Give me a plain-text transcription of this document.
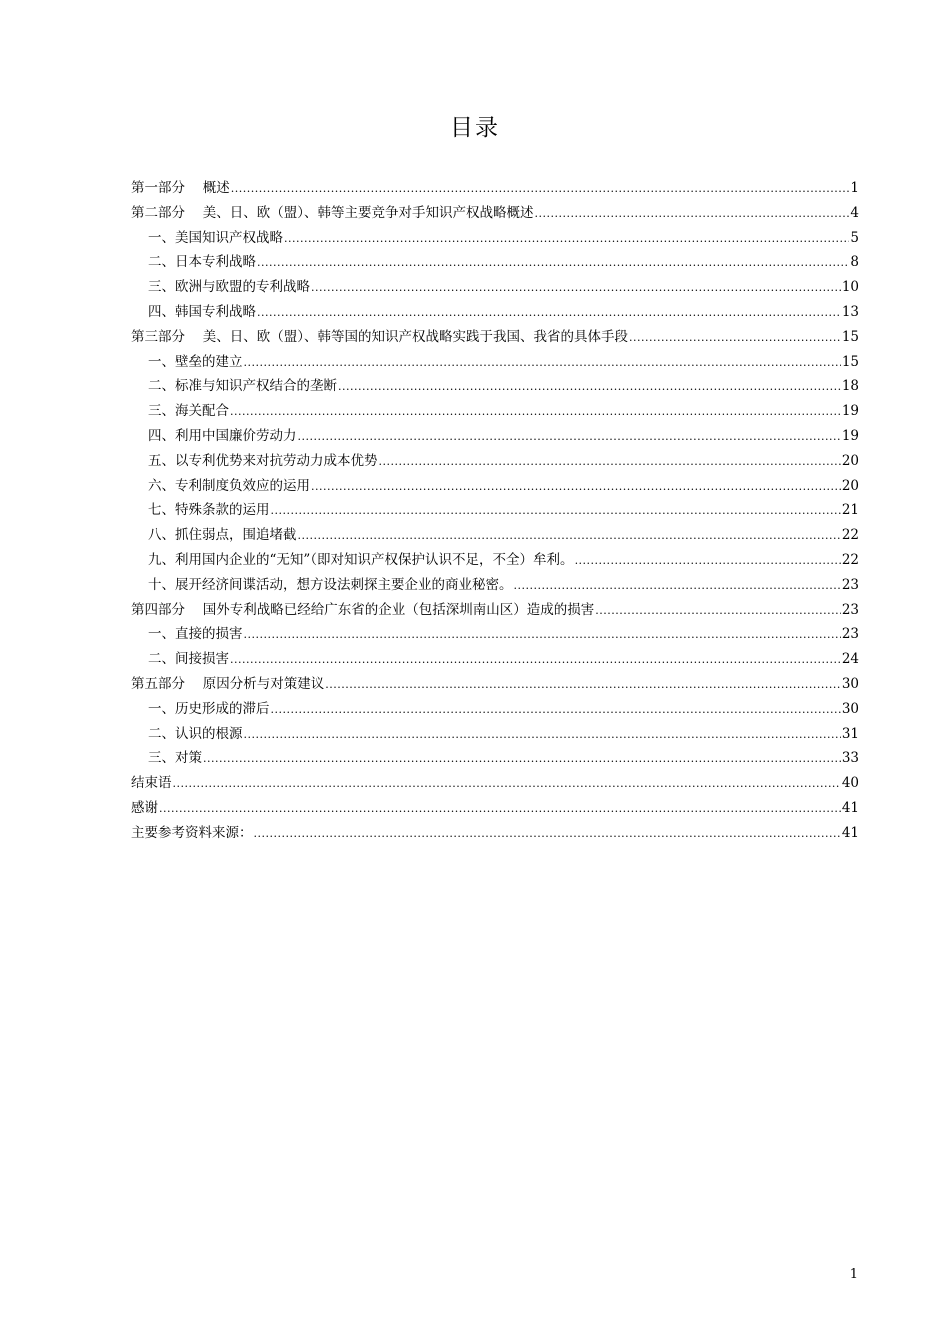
目录
第一部分　 概述 .....	1
第二部分　 美、日、欧（盟）、韩等主要竞争对手知识产权战略概述 .....	4
一、美国知识产权战略 .....	5
二、日本专利战略 .....	8
三、欧洲与欧盟的专利战略 .....	10
四、韩国专利战略 .....	13
第三部分　 美、日、欧（盟）、韩等国的知识产权战略实践于我国、我省的具体手段 .....	15
一、壁垒的建立 .....	15
二、标准与知识产权结合的垄断 .....	18
三、海关配合 .....	19
四、利用中国廉价劳动力 .....	19
五、以专利优势来对抗劳动力成本优势 .....	20
六、专利制度负效应的运用 .....	20
七、特殊条款的运用 .....	21
八、抓住弱点，围追堵截 .....	22
九、利用国内企业的“无知”（即对知识产权保护认识不足，不全）牟利。 .....	22
十、展开经济间谍活动，想方设法刺探主要企业的商业秘密。 .....	23
第四部分　 国外专利战略已经给广东省的企业（包括深圳南山区）造成的损害 .....	23
一、直接的损害 .....	23
二、间接损害 .....	24
第五部分　 原因分析与对策建议 .....	30
一、历史形成的滞后 .....	30
二、认识的根源 .....	31
三、对策 .....	33
结束语 .....	40
感谢 .....	41
主要参考资料来源： .....	41
1
